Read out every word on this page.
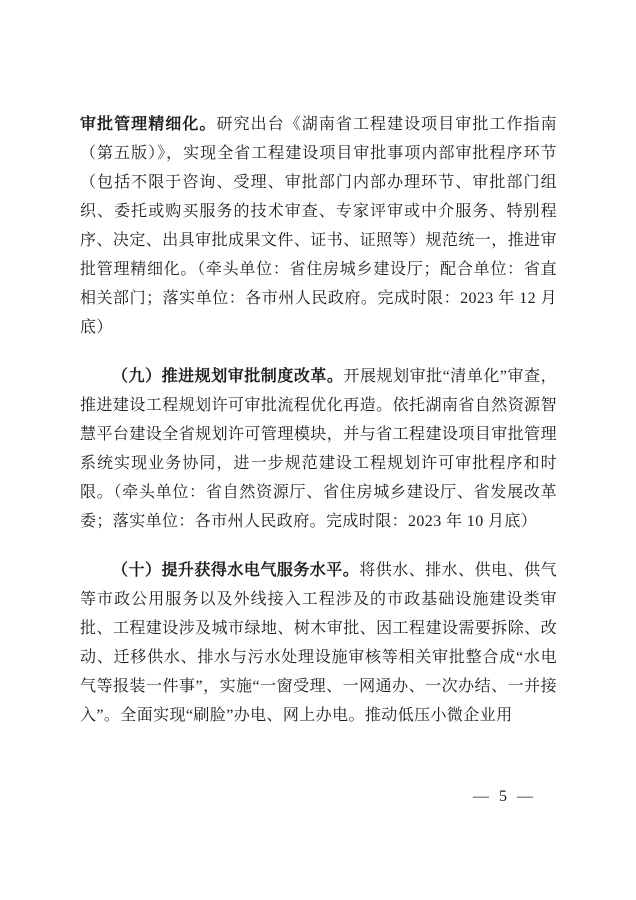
审批管理精细化。研究出台《湖南省工程建设项目审批工作指南（第五版）》，实现全省工程建设项目审批事项内部审批程序环节（包括不限于咨询、受理、审批部门内部办理环节、审批部门组织、委托或购买服务的技术审查、专家评审或中介服务、特别程序、决定、出具审批成果文件、证书、证照等）规范统一，推进审批管理精细化。（牵头单位：省住房城乡建设厅；配合单位：省直相关部门；落实单位：各市州人民政府。完成时限：2023 年 12 月底）

（九）推进规划审批制度改革。开展规划审批“清单化”审查，推进建设工程规划许可审批流程优化再造。依托湖南省自然资源智慧平台建设全省规划许可管理模块，并与省工程建设项目审批管理系统实现业务协同，进一步规范建设工程规划许可审批程序和时限。（牵头单位：省自然资源厅、省住房城乡建设厅、省发展改革委；落实单位：各市州人民政府。完成时限：2023 年 10 月底）

（十）提升获得水电气服务水平。将供水、排水、供电、供气等市政公用服务以及外线接入工程涉及的市政基础设施建设类审批、工程建设涉及城市绿地、树木审批、因工程建设需要拆除、改动、迁移供水、排水与污水处理设施审核等相关审批整合成“水电气等报装一件事”，实施“一窗受理、一网通办、一次办结、一并接入”。全面实现“刷脸”办电、网上办电。推动低压小微企业用

— 5 —
